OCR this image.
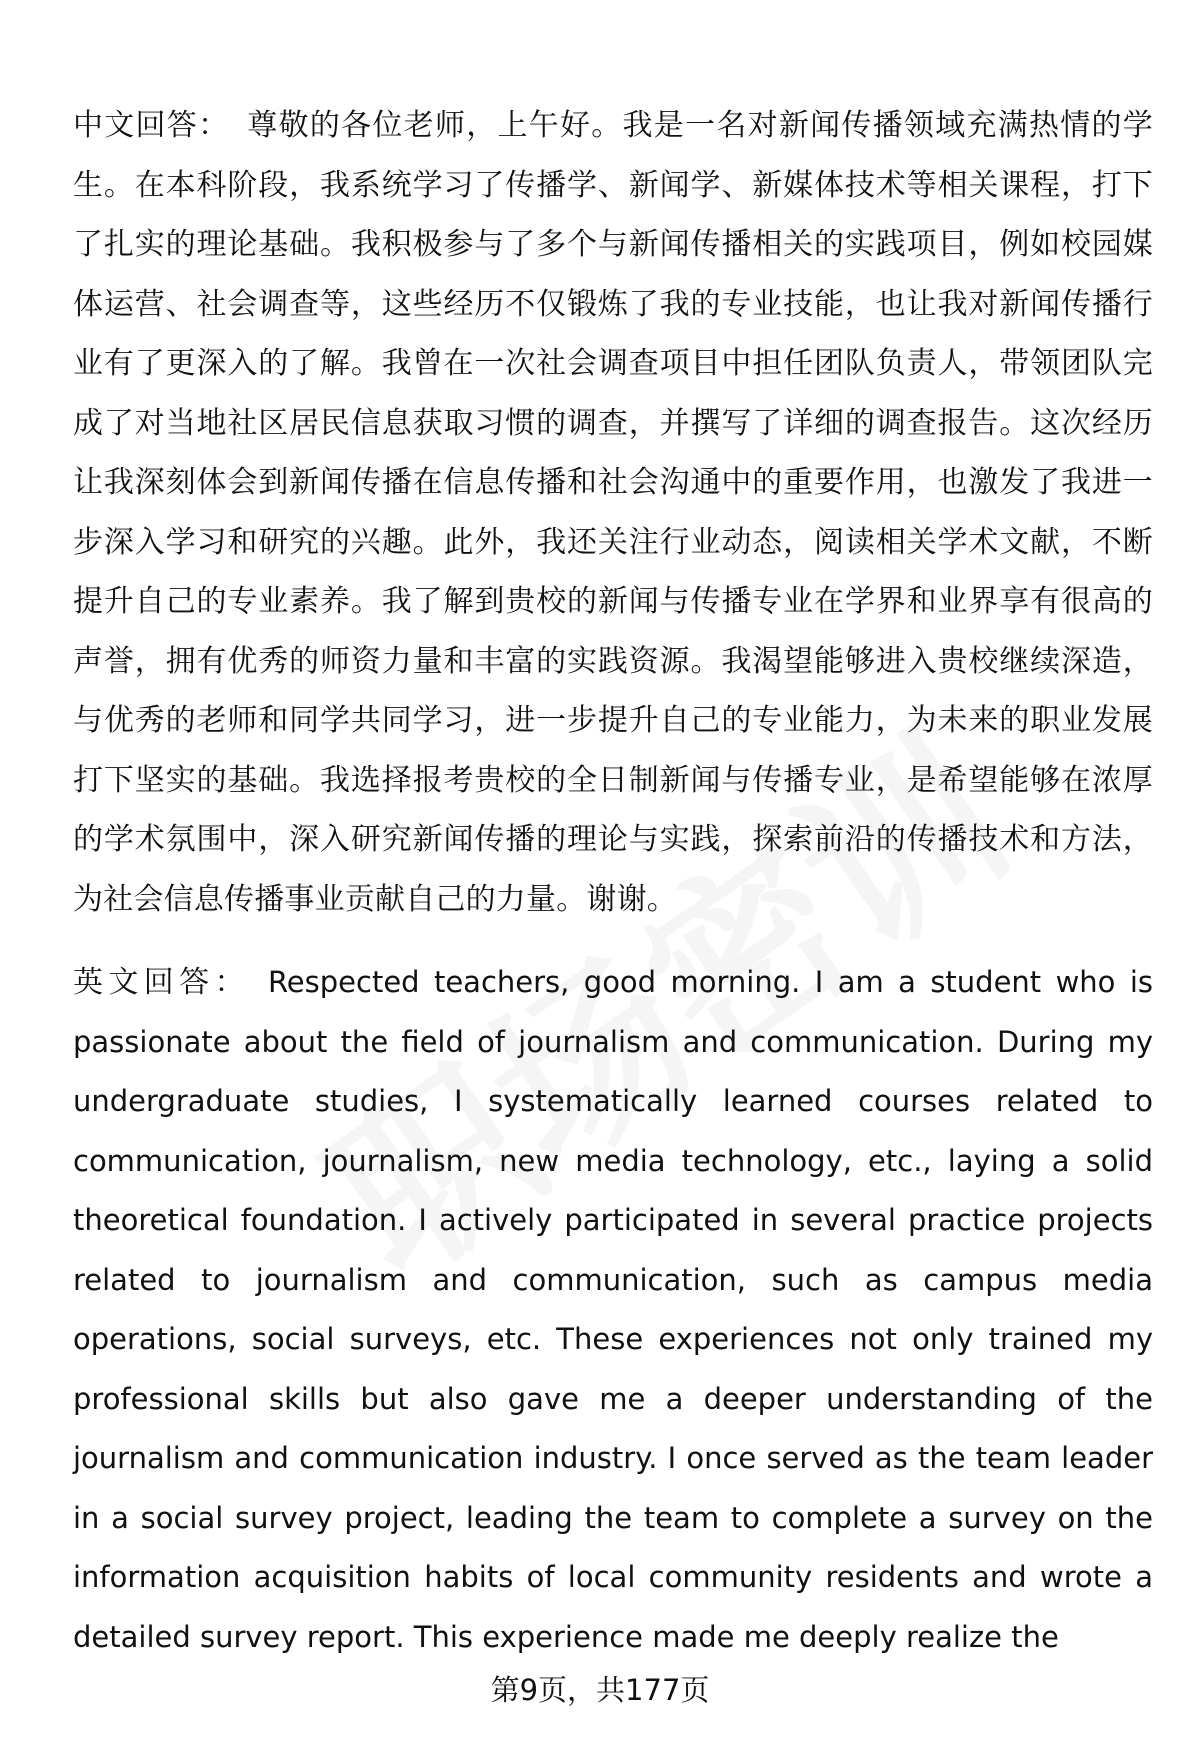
中文回答： 尊敬的各位老师，上午好。我是一名对新闻传播领域充满热情的学生。在本科阶段，我系统学习了传播学、新闻学、新媒体技术等相关课程，打下了扎实的理论基础。我积极参与了多个与新闻传播相关的实践项目，例如校园媒体运营、社会调查等，这些经历不仅锻炼了我的专业技能，也让我对新闻传播行业有了更深入的了解。我曾在一次社会调查项目中担任团队负责人，带领团队完成了对当地社区居民信息获取习惯的调查，并撰写了详细的调查报告。这次经历让我深刻体会到新闻传播在信息传播和社会沟通中的重要作用，也激发了我进一步深入学习和研究的兴趣。此外，我还关注行业动态，阅读相关学术文献，不断提升自己的专业素养。我了解到贵校的新闻与传播专业在学界和业界享有很高的声誉，拥有优秀的师资力量和丰富的实践资源。我渴望能够进入贵校继续深造，与优秀的老师和同学共同学习，进一步提升自己的专业能力，为未来的职业发展打下坚实的基础。我选择报考贵校的全日制新闻与传播专业，是希望能够在浓厚的学术氛围中，深入研究新闻传播的理论与实践，探索前沿的传播技术和方法，为社会信息传播事业贡献自己的力量。谢谢。

英文回答： Respected teachers, good morning. I am a student who is passionate about the field of journalism and communication. During my undergraduate studies, I systematically learned courses related to communication, journalism, new media technology, etc., laying a solid theoretical foundation. I actively participated in several practice projects related to journalism and communication, such as campus media operations, social surveys, etc. These experiences not only trained my professional skills but also gave me a deeper understanding of the journalism and communication industry. I once served as the team leader in a social survey project, leading the team to complete a survey on the information acquisition habits of local community residents and wrote a detailed survey report. This experience made me deeply realize the

第9页，共177页
